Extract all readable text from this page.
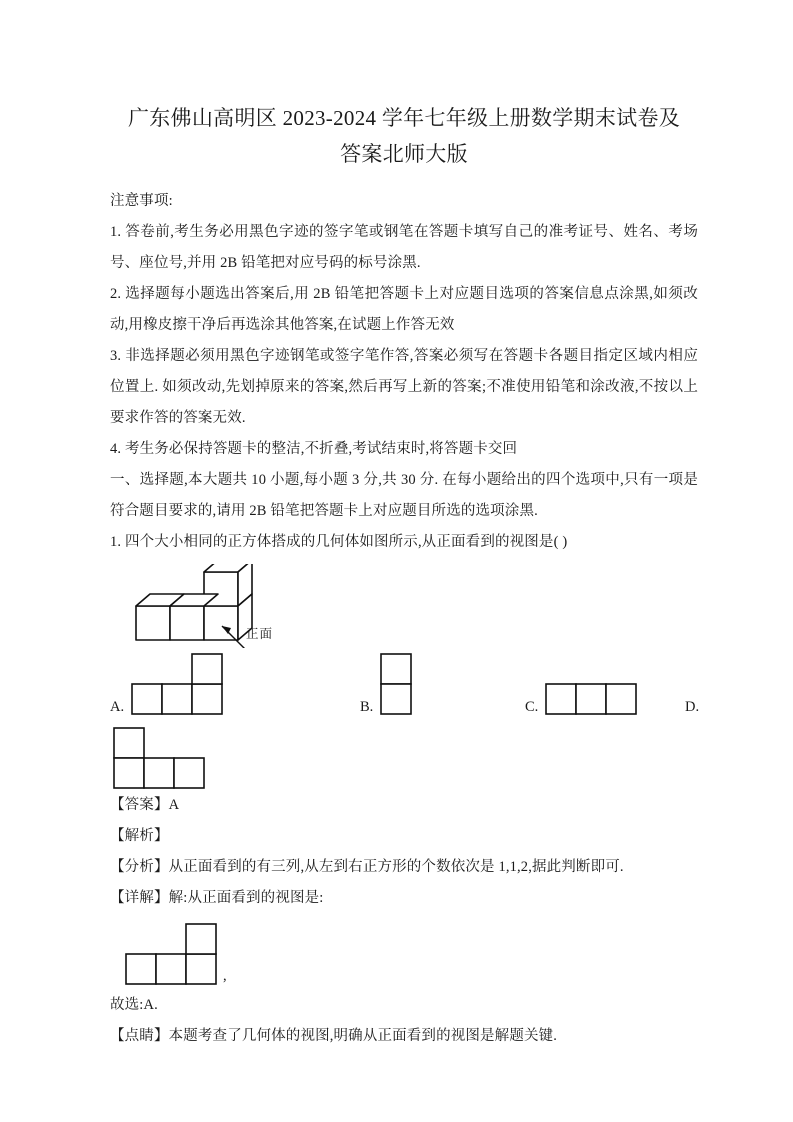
广东佛山高明区 2023-2024 学年七年级上册数学期末试卷及
答案北师大版

注意事项:

1. 答卷前,考生务必用黑色字迹的签字笔或钢笔在答题卡填写自己的准考证号、姓名、考场号、座位号,并用 2B 铅笔把对应号码的标号涂黑.

2. 选择题每小题选出答案后,用 2B 铅笔把答题卡上对应题目选项的答案信息点涂黑,如须改动,用橡皮擦干净后再选涂其他答案,在试题上作答无效

3. 非选择题必须用黑色字迹钢笔或签字笔作答,答案必须写在答题卡各题目指定区域内相应位置上. 如须改动,先划掉原来的答案,然后再写上新的答案;不准使用铅笔和涂改液,不按以上要求作答的答案无效.

4. 考生务必保持答题卡的整洁,不折叠,考试结束时,将答题卡交回

一、选择题,本大题共 10 小题,每小题 3 分,共 30 分. 在每小题给出的四个选项中,只有一项是符合题目要求的,请用 2B 铅笔把答题卡上对应题目所选的选项涂黑.

1. 四个大小相同的正方体搭成的几何体如图所示,从正面看到的视图是( )

正面
A.	B.	C.	D.

【答案】A

【解析】

【分析】从正面看到的有三列,从左到右正方形的个数依次是 1,1,2,据此判断即可.

【详解】解:从正面看到的视图是:

,

故选:A.

【点睛】本题考查了几何体的视图,明确从正面看到的视图是解题关键.
